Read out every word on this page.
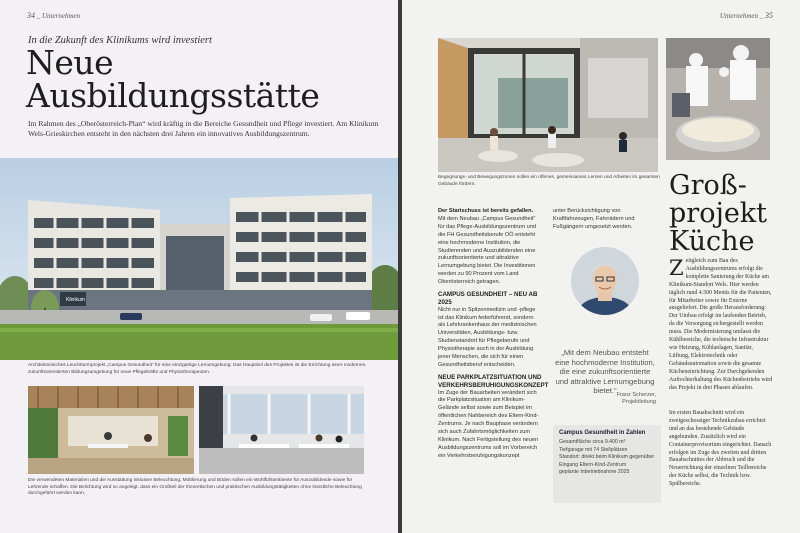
34 _ Unternehmen
In die Zukunft des Klinikums wird investiert
Neue
Ausbildungsstätte
Im Rahmen des „Oberösterreich-Plan“ wird kräftig in die Bereiche Gesundheit und Pflege investiert. Am Klinikum Wels-Grieskirchen entsteht in den nächsten drei Jahren ein innovatives Ausbildungszentrum.
Klinikum
Architektonisches Leuchtturmprojekt „Campus Gesundheit“ für eine einzigartige Lernumgebung: Das Hauptziel des Projektes ist die Errichtung einer modernen, zukunftsorientierten Bildungsumgebung für neue Pflegekräfte und Physiotherapeuten.
Die verwendeten Materialien und die Ausstattung inklusive Beleuchtung, Möblierung und Böden sollen ein Wohlfühlambiente für Auszubildende sowie für Lehrende schaffen. Die Belichtung wird so angelegt, dass ein Großteil der theoretischen und praktischen Ausbildungstätigkeiten ohne künstliche Beleuchtung durchgeführt werden kann.
Unternehmen _ 35
Begegnungs- und Bewegungszonen sollen ein offenes, gemeinsames Lernen und Arbeiten im gesamten Gebäude fördern.
Der Startschuss ist bereits gefallen. Mit dem Neubau „Campus Gesundheit“ für das Pflege-Ausbildungszentrum und die FH Gesundheitsberufe OÖ entsteht eine hochmoderne Institution, die Studierenden und Auszubildenden eine zukunftsorientierte und attraktive Lernumgebung bietet. Die Investitionen werden zu 90 Prozent vom Land Oberösterreich getragen.
CAMPUS GESUNDHEIT – NEU AB 2025
Nicht nur in Spitzenmedizin und -pflege ist das Klinikum federführend, sondern als Lehrkrankenhaus der medizinischen Universitäten, Ausbildungs- bzw. Studienstandort für Pflegeberufe und Physiotherapie auch in der Ausbildung jener Menschen, die sich für einen Gesundheitsberuf entscheiden.
NEUE PARKPLATZSITUATION UND VERKEHRSBERUHIGUNGSKONZEPT
Im Zuge der Bauarbeiten verändert sich die Parkplatzsituation am Klinikum-Gelände selbst sowie zum Beispiel im öffentlichen Nahbereich des Eltern-Kind-Zentrums. Je nach Bauphase verändern sich auch Zufahrtsmöglichkeiten zum Klinikum. Nach Fertigstellung des neuen Ausbildungszentrums soll im Vorbereich ein Verkehrsberuhigungskonzept
unter Berücksichtigung von Kraftfahrzeugen, Fahrrädern und Fußgängern umgesetzt werden.
„Mit dem Neubau entsteht eine hochmoderne Institution, die eine zukunftsorientierte und attraktive Lernumgebung bietet.“ Franz Scherzer,
Projektleitung
Campus Gesundheit in Zahlen
Gesamtfläche circa 9.400 m²
Tiefgarage mit 74 Stellplätzen
Standort: direkt beim Klinikum gegenüber Eingang Eltern-Kind-Zentrum
geplante Inbetriebnahme 2025
Groß-
projekt
Küche
Zeitgleich zum Bau des Ausbildungszentrums erfolgt die komplette Sanierung der Küche am Klinikum-Standort Wels. Hier werden täglich rund 4.500 Menüs für die Patienten, für Mitarbeiter sowie für Externe ausgeliefert. Die große Herausforderung: Der Umbau erfolgt im laufenden Betrieb, da die Versorgung sichergestellt werden muss. Die Modernisierung umfasst die Kühlbereiche, die technische Infrastruktur wie Heizung, Kühlanlagen, Sanitär, Lüftung, Elektrotechnik oder Gebäudeautomation sowie die gesamte Kücheneinrichtung. Zur Durchgehenden Aufrechterhaltung des Küchenbetriebs wird das Projekt in drei Phasen ablaufen.
Im ersten Bauabschnitt wird ein zweigeschossiger Technikzubau errichtet und an das bestehende Gebäude angebunden. Zusätzlich wird ein Containerprovisorium eingerichtet. Danach erfolgen im Zuge des zweiten und dritten Bauabschnittes der Abbruch und die Neuerrichtung der einzelnen Teilbereiche der Küche selbst, die Technik bzw. Spülbereiche.
